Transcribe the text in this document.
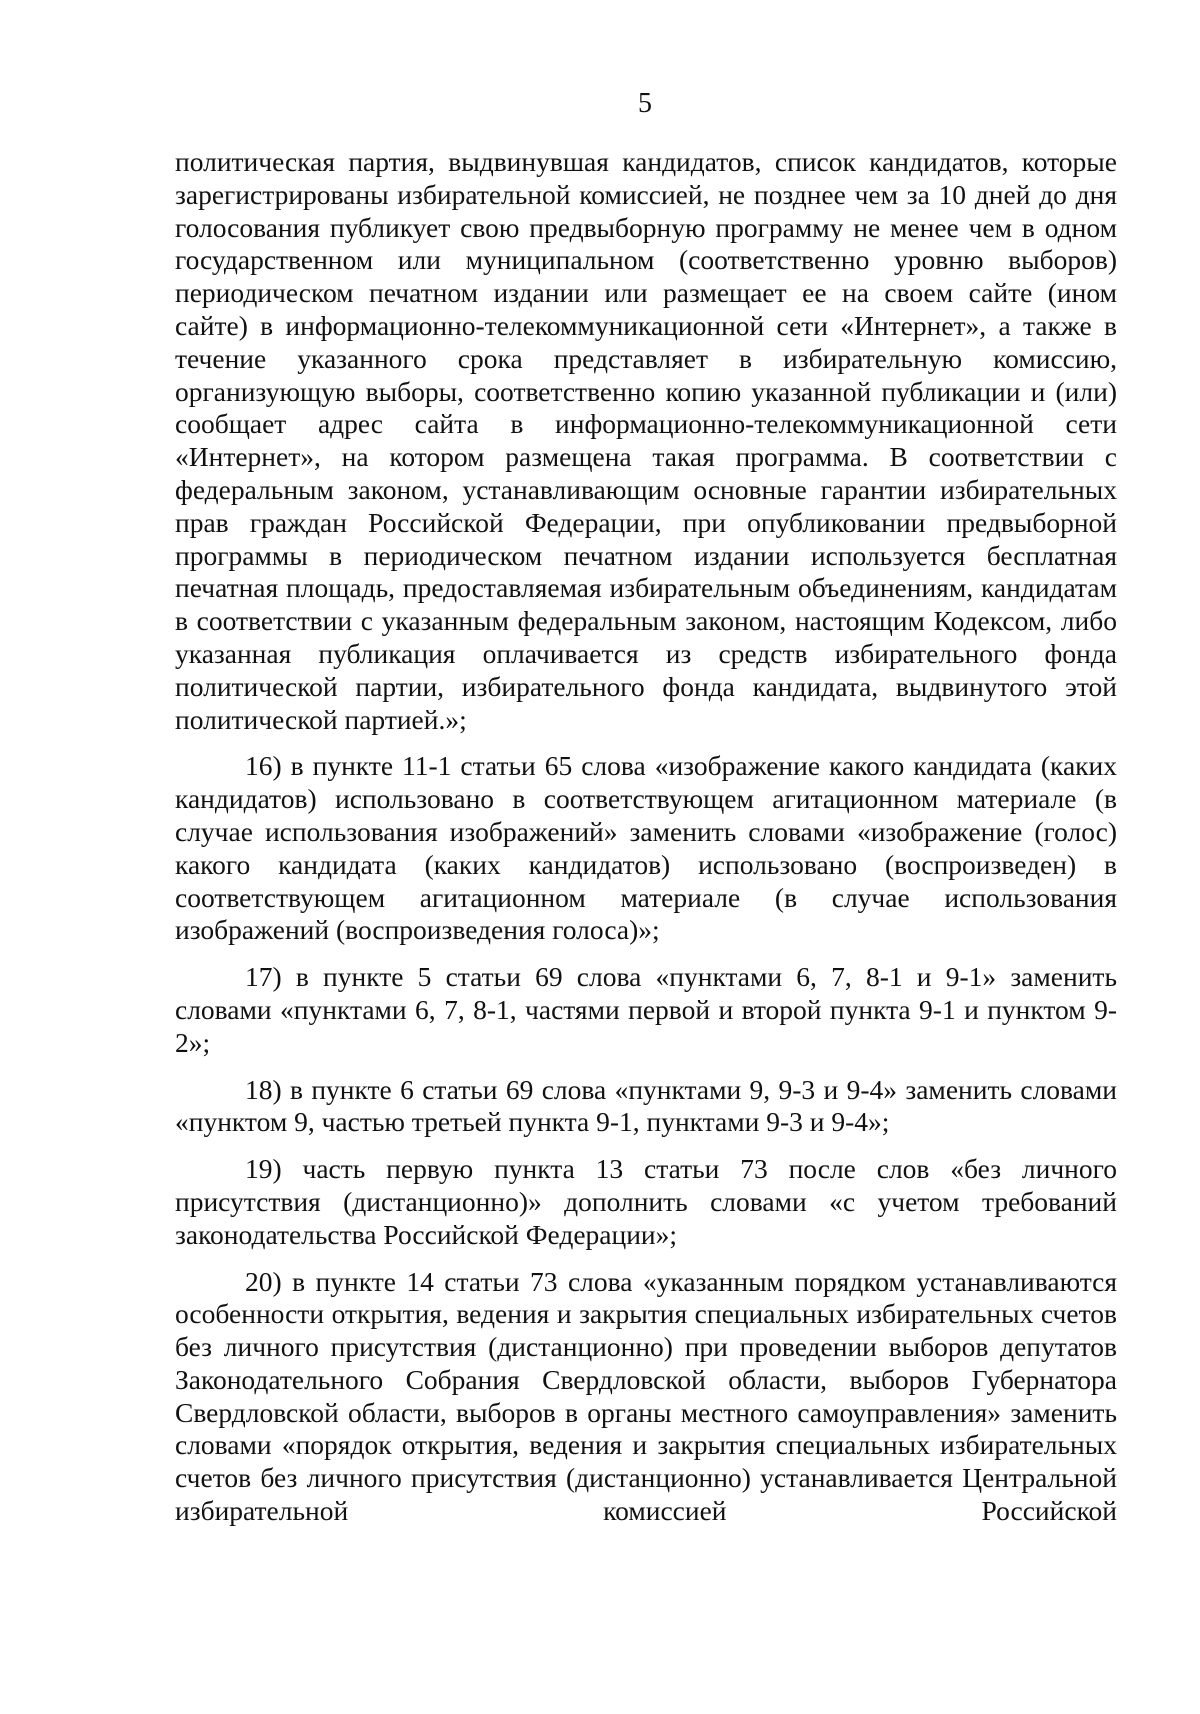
5

политическая партия, выдвинувшая кандидатов, список кандидатов, которые зарегистрированы избирательной комиссией, не позднее чем за 10 дней до дня голосования публикует свою предвыборную программу не менее чем в одном государственном или муниципальном (соответственно уровню выборов) периодическом печатном издании или размещает ее на своем сайте (ином сайте) в информационно-телекоммуникационной сети «Интернет», а также в течение указанного срока представляет в избирательную комиссию, организующую выборы, соответственно копию указанной публикации и (или) сообщает адрес сайта в информационно-телекоммуникационной сети «Интернет», на котором размещена такая программа. В соответствии с федеральным законом, устанавливающим основные гарантии избирательных прав граждан Российской Федерации, при опубликовании предвыборной программы в периодическом печатном издании используется бесплатная печатная площадь, предоставляемая избирательным объединениям, кандидатам в соответствии с указанным федеральным законом, настоящим Кодексом, либо указанная публикация оплачивается из средств избирательного фонда политической партии, избирательного фонда кандидата, выдвинутого этой политической партией.»;

16) в пункте 11-1 статьи 65 слова «изображение какого кандидата (каких кандидатов) использовано в соответствующем агитационном материале (в случае использования изображений» заменить словами «изображение (голос) какого кандидата (каких кандидатов) использовано (воспроизведен) в соответствующем агитационном материале (в случае использования изображений (воспроизведения голоса)»;

17) в пункте 5 статьи 69 слова «пунктами 6, 7, 8-1 и 9-1» заменить словами «пунктами 6, 7, 8-1, частями первой и второй пункта 9-1 и пунктом 9-2»;

18) в пункте 6 статьи 69 слова «пунктами 9, 9-3 и 9-4» заменить словами «пунктом 9, частью третьей пункта 9-1, пунктами 9-3 и 9-4»;

19) часть первую пункта 13 статьи 73 после слов «без личного присутствия (дистанционно)» дополнить словами «с учетом требований законодательства Российской Федерации»;

20) в пункте 14 статьи 73 слова «указанным порядком устанавливаются особенности открытия, ведения и закрытия специальных избирательных счетов без личного присутствия (дистанционно) при проведении выборов депутатов Законодательного Собрания Свердловской области, выборов Губернатора Свердловской области, выборов в органы местного самоуправления» заменить словами «порядок открытия, ведения и закрытия специальных избирательных счетов без личного присутствия (дистанционно) устанавливается Центральной избирательной комиссией Российской
